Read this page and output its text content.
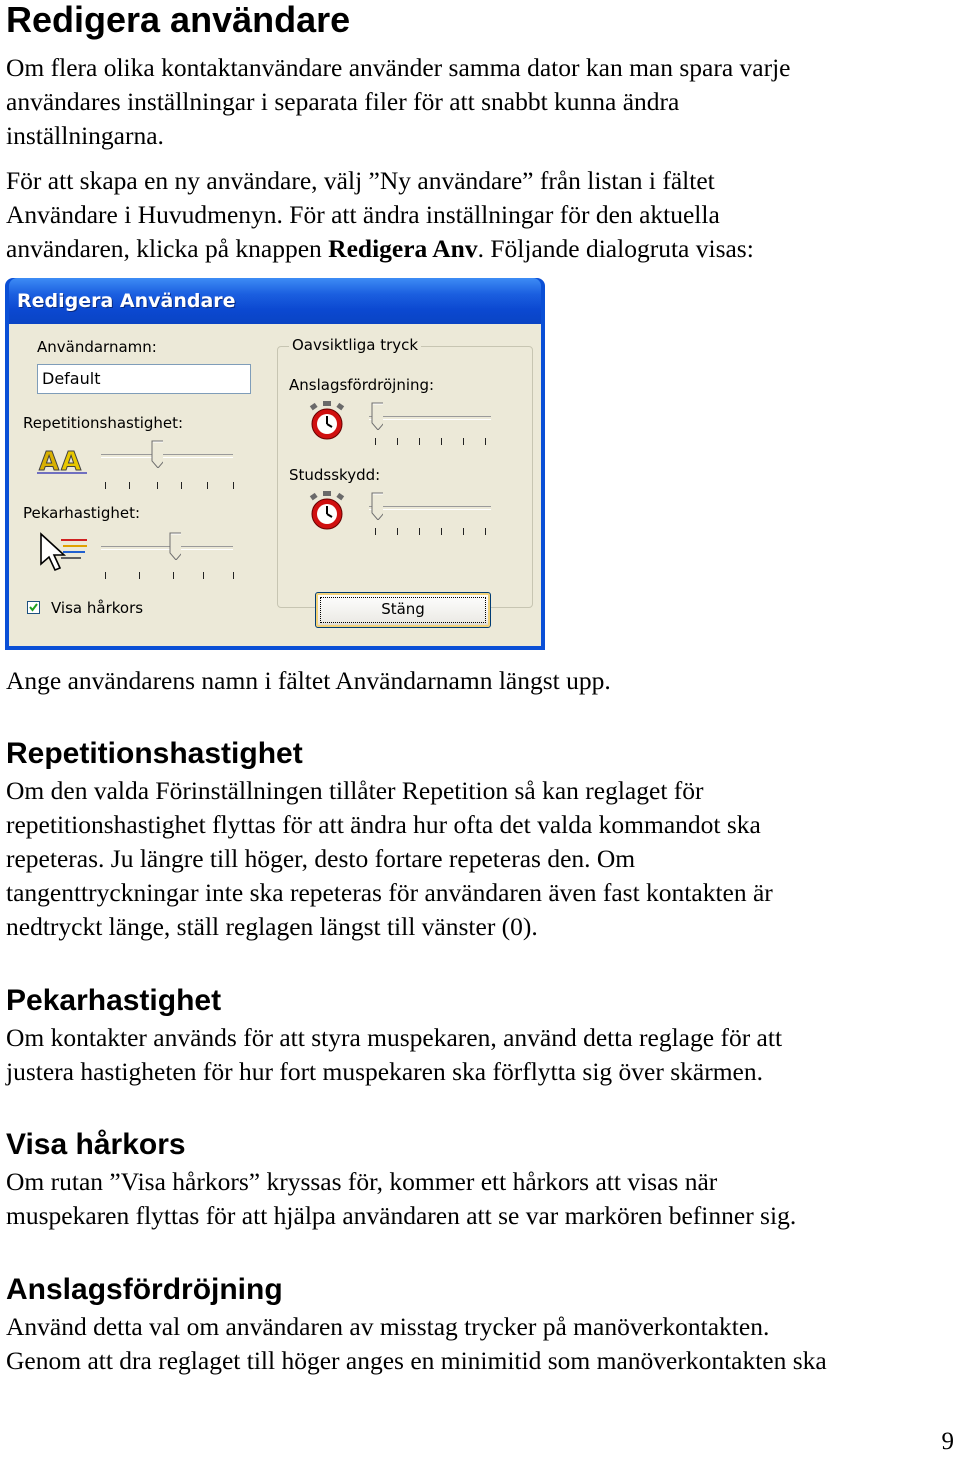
Redigera användare
Om flera olika kontaktanvändare använder samma dator kan man spara varje
användares inställningar i separata filer för att snabbt kunna ändra
inställningarna.
För att skapa en ny användare, välj ”Ny användare” från listan i fältet
Användare i Huvudmenyn. För att ändra inställningar för den aktuella
användaren, klicka på knappen Redigera Anv. Följande dialogruta visas:
Redigera Användare
Användarnamn:
Default
Repetitionshastighet:
A A
Pekarhastighet:
Visa hårkors
Oavsiktliga tryck
Anslagsfördröjning:
Studsskydd:
Stäng
Ange användarens namn i fältet Användarnamn längst upp.
Repetitionshastighet
Om den valda Förinställningen tillåter Repetition så kan reglaget för
repetitionshastighet flyttas för att ändra hur ofta det valda kommandot ska
repeteras. Ju längre till höger, desto fortare repeteras den. Om
tangenttryckningar inte ska repeteras för användaren även fast kontakten är
nedtryckt länge, ställ reglagen längst till vänster (0).
Pekarhastighet
Om kontakter används för att styra muspekaren, använd detta reglage för att
justera hastigheten för hur fort muspekaren ska förflytta sig över skärmen.
Visa hårkors
Om rutan ”Visa hårkors” kryssas för, kommer ett hårkors att visas när
muspekaren flyttas för att hjälpa användaren att se var markören befinner sig.
Anslagsfördröjning
Använd detta val om användaren av misstag trycker på manöverkontakten.
Genom att dra reglaget till höger anges en minimitid som manöverkontakten ska
9
